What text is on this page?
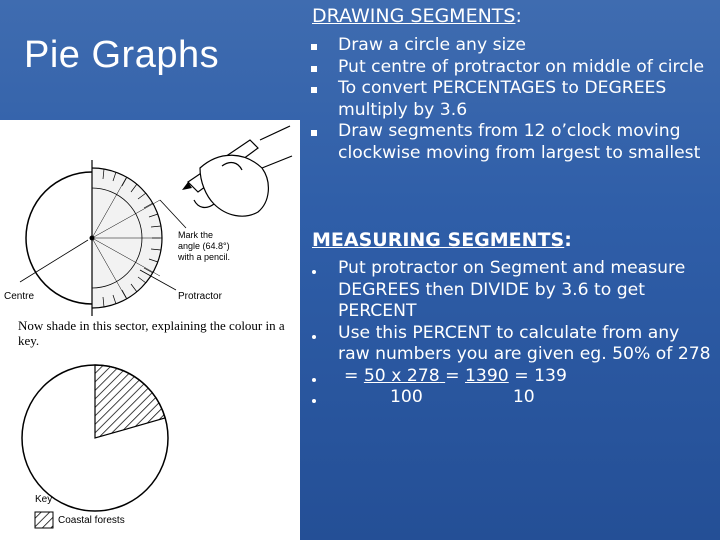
Pie Graphs
Mark the
angle (64.8°)
with a pencil.
Centre	Protractor
Now shade in this sector, explaining the colour in a key.
Key
Coastal forests
DRAWING SEGMENTS:
Draw a circle any size
Put centre of protractor on middle of circle
To convert PERCENTAGES to DEGREES multiply by 3.6
Draw segments from 12 o’clock moving clockwise moving from largest to smallest
MEASURING SEGMENTS:
Put protractor on Segment and measure DEGREES then DIVIDE by 3.6 to get PERCENT
Use this PERCENT to calculate from any raw numbers you are given eg. 50% of 278
= 50 x 278 = 1390 = 139
100	10
